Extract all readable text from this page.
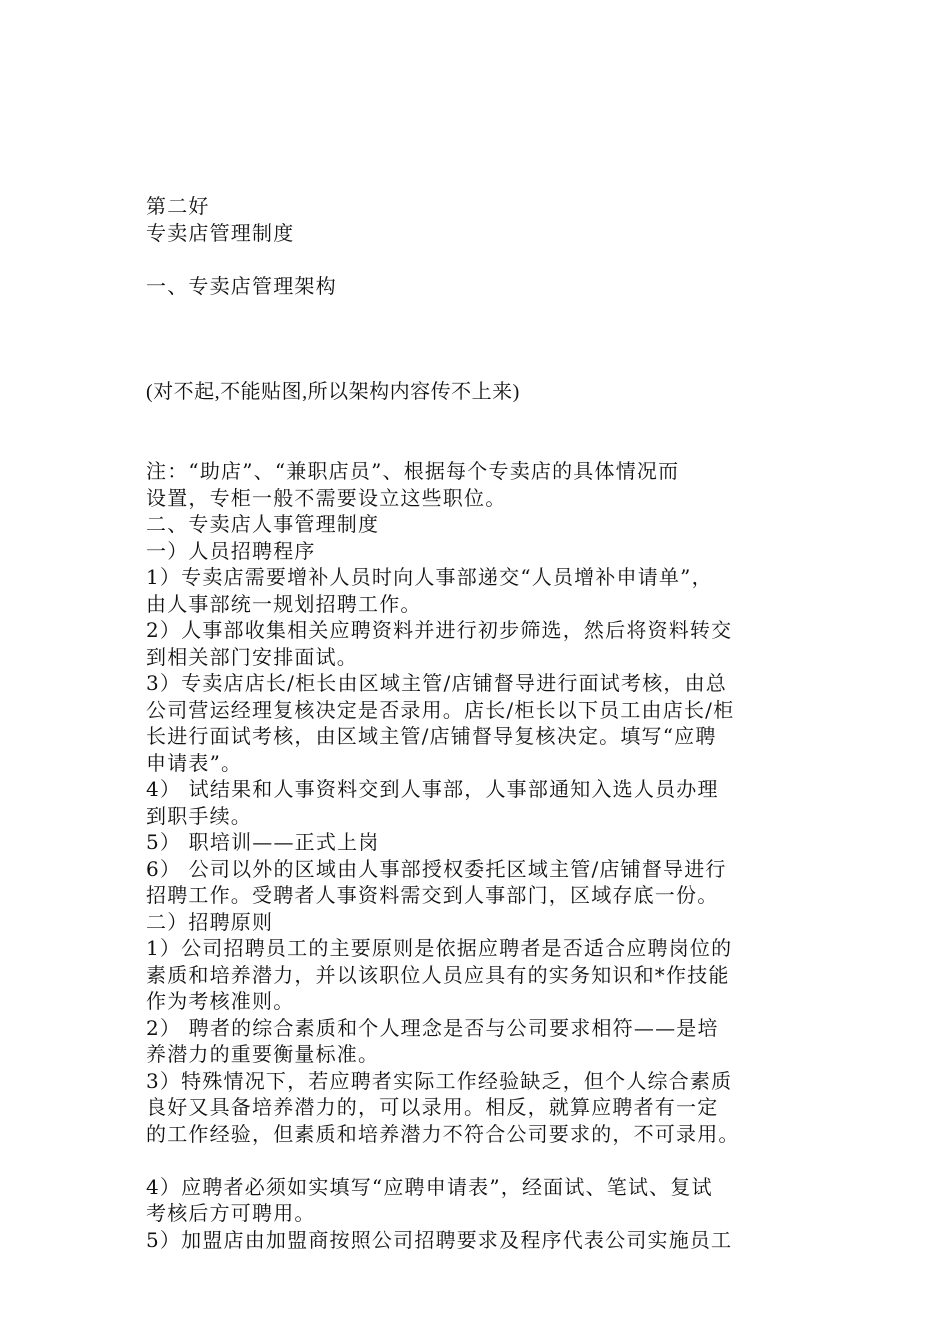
第二好
专卖店管理制度
一、专卖店管理架构
(对不起,不能贴图,所以架构内容传不上来)
注：“助店”、“兼职店员”、根据每个专卖店的具体情况而
设置，专柜一般不需要设立这些职位。
二、专卖店人事管理制度
一）人员招聘程序
1）专卖店需要增补人员时向人事部递交“人员增补申请单”，
由人事部统一规划招聘工作。
2）人事部收集相关应聘资料并进行初步筛选，然后将资料转交
到相关部门安排面试。
3）专卖店店长/柜长由区域主管/店铺督导进行面试考核，由总
公司营运经理复核决定是否录用。店长/柜长以下员工由店长/柜
长进行面试考核，由区域主管/店铺督导复核决定。填写“应聘
申请表”。
4） 试结果和人事资料交到人事部，人事部通知入选人员办理
到职手续。
5） 职培训——正式上岗
6） 公司以外的区域由人事部授权委托区域主管/店铺督导进行
招聘工作。受聘者人事资料需交到人事部门，区域存底一份。
二）招聘原则
1）公司招聘员工的主要原则是依据应聘者是否适合应聘岗位的
素质和培养潜力，并以该职位人员应具有的实务知识和*作技能
作为考核准则。
2） 聘者的综合素质和个人理念是否与公司要求相符——是培
养潜力的重要衡量标准。
3）特殊情况下，若应聘者实际工作经验缺乏，但个人综合素质
良好又具备培养潜力的，可以录用。相反，就算应聘者有一定
的工作经验，但素质和培养潜力不符合公司要求的，不可录用。
4）应聘者必须如实填写“应聘申请表”，经面试、笔试、复试
考核后方可聘用。
5）加盟店由加盟商按照公司招聘要求及程序代表公司实施员工
